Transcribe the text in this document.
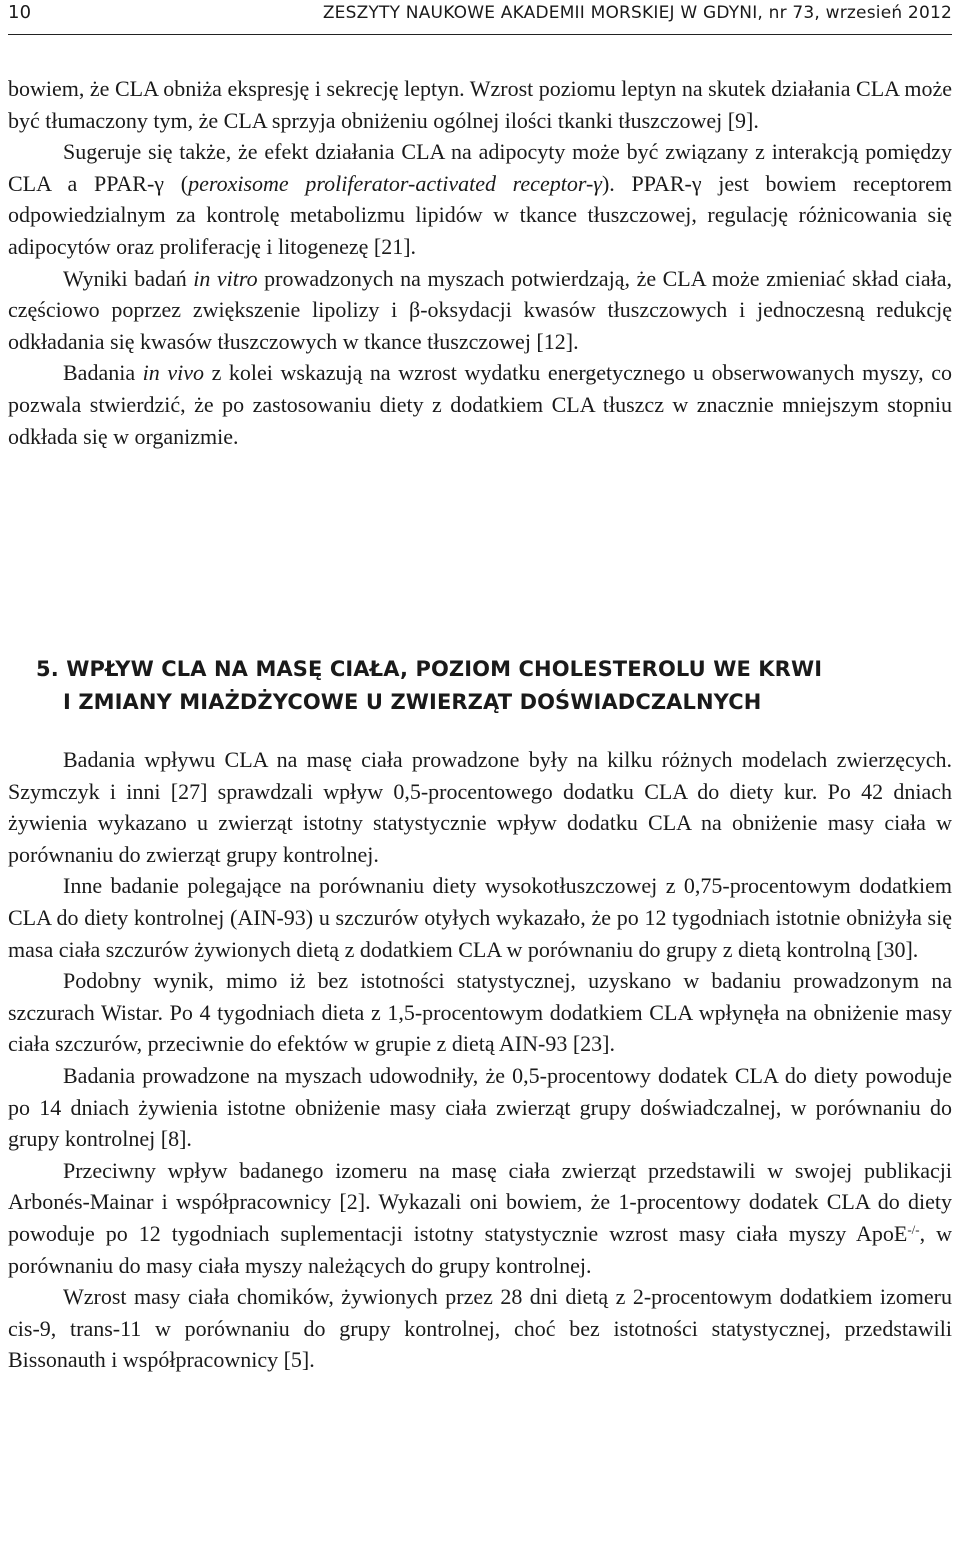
10	ZESZYTY NAUKOWE AKADEMII MORSKIEJ W GDYNI, nr 73, wrzesień 2012

bowiem, że CLA obniża ekspresję i sekrecję leptyn. Wzrost poziomu leptyn na skutek działania CLA może być tłumaczony tym, że CLA sprzyja obniżeniu ogólnej ilości tkanki tłuszczowej [9].

Sugeruje się także, że efekt działania CLA na adipocyty może być związany z interakcją pomiędzy CLA a PPAR-γ (peroxisome proliferator-activated receptor-γ). PPAR-γ jest bowiem receptorem odpowiedzialnym za kontrolę metabolizmu lipidów w tkance tłuszczowej, regulację różnicowania się adipocytów oraz proliferację i litogenezę [21].

Wyniki badań in vitro prowadzonych na myszach potwierdzają, że CLA może zmieniać skład ciała, częściowo poprzez zwiększenie lipolizy i β-oksydacji kwasów tłuszczowych i jednoczesną redukcję odkładania się kwasów tłuszczowych w tkance tłuszczowej [12].

Badania in vivo z kolei wskazują na wzrost wydatku energetycznego u obserwowanych myszy, co pozwala stwierdzić, że po zastosowaniu diety z dodatkiem CLA tłuszcz w znacznie mniejszym stopniu odkłada się w organizmie.

5. WPŁYW CLA NA MASĘ CIAŁA, POZIOM CHOLESTEROLU WE KRWI
I ZMIANY MIAŻDŻYCOWE U ZWIERZĄT DOŚWIADCZALNYCH

Badania wpływu CLA na masę ciała prowadzone były na kilku różnych modelach zwierzęcych. Szymczyk i inni [27] sprawdzali wpływ 0,5-procentowego dodatku CLA do diety kur. Po 42 dniach żywienia wykazano u zwierząt istotny statystycznie wpływ dodatku CLA na obniżenie masy ciała w porównaniu do zwierząt grupy kontrolnej.

Inne badanie polegające na porównaniu diety wysokotłuszczowej z 0,75-procentowym dodatkiem CLA do diety kontrolnej (AIN-93) u szczurów otyłych wykazało, że po 12 tygodniach istotnie obniżyła się masa ciała szczurów żywionych dietą z dodatkiem CLA w porównaniu do grupy z dietą kontrolną [30].

Podobny wynik, mimo iż bez istotności statystycznej, uzyskano w badaniu prowadzonym na szczurach Wistar. Po 4 tygodniach dieta z 1,5-procentowym dodatkiem CLA wpłynęła na obniżenie masy ciała szczurów, przeciwnie do efektów w grupie z dietą AIN-93 [23].

Badania prowadzone na myszach udowodniły, że 0,5-procentowy dodatek CLA do diety powoduje po 14 dniach żywienia istotne obniżenie masy ciała zwierząt grupy doświadczalnej, w porównaniu do grupy kontrolnej [8].

Przeciwny wpływ badanego izomeru na masę ciała zwierząt przedstawili w swojej publikacji Arbonés-Mainar i współpracownicy [2]. Wykazali oni bowiem, że 1-procentowy dodatek CLA do diety powoduje po 12 tygodniach suplementacji istotny statystycznie wzrost masy ciała myszy ApoE-/-, w porównaniu do masy ciała myszy należących do grupy kontrolnej.

Wzrost masy ciała chomików, żywionych przez 28 dni dietą z 2-procentowym dodatkiem izomeru cis-9, trans-11 w porównaniu do grupy kontrolnej, choć bez istotności statystycznej, przedstawili Bissonauth i współpracownicy [5].
